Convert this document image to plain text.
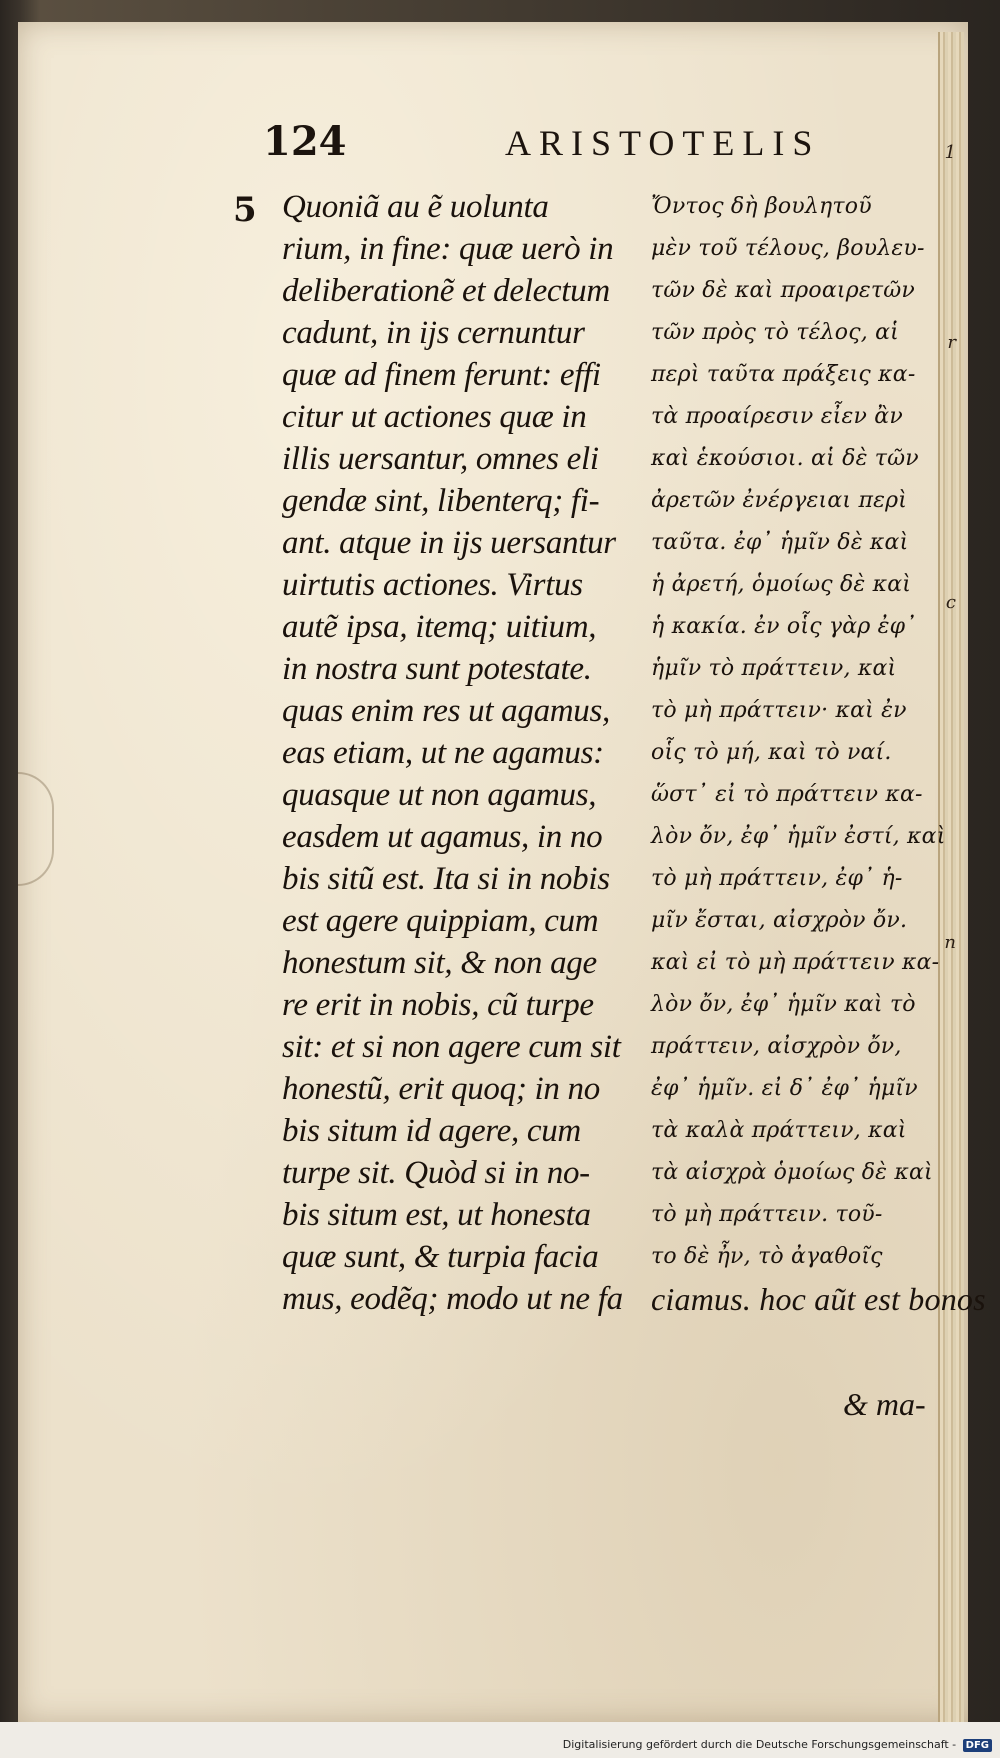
1
r
c
n
124	ARISTOTELIS
5 Quoniã au ẽ uolunta
rium, in fine: quæ uerò in
deliberationẽ et delectum
cadunt, in ijs cernuntur
quæ ad finem ferunt: effi
citur ut actiones quæ in
illis uersantur, omnes eli
gendæ sint, libenterq; fi-
ant. atque in ijs uersantur
uirtutis actiones. Virtus
autẽ ipsa, itemq; uitium,
in nostra sunt potestate.
quas enim res ut agamus,
eas etiam, ut ne agamus:
quasque ut non agamus,
easdem ut agamus, in no
bis sitũ est. Ita si in nobis
est agere quippiam, cum
honestum sit, & non age
re erit in nobis, cũ turpe
sit: et si non agere cum sit
honestũ, erit quoq; in no
bis situm id agere, cum
turpe sit. Quòd si in no-
bis situm est, ut honesta
quæ sunt, & turpia facia
mus, eodẽq; modo ut ne fa
Ὄντος δὴ βουλητοῦ
μὲν τοῦ τέλους, βουλευ-
τῶν δὲ καὶ προαιρετῶν
τῶν πρὸς τὸ τέλος, αἱ
περὶ ταῦτα πράξεις κα-
τὰ προαίρεσιν εἶεν ἂν
καὶ ἑκούσιοι. αἱ δὲ τῶν
ἀρετῶν ἐνέργειαι περὶ
ταῦτα. ἐφ᾽ ἡμῖν δὲ καὶ
ἡ ἀρετή, ὁμοίως δὲ καὶ
ἡ κακία. ἐν οἷς γὰρ ἐφ᾽
ἡμῖν τὸ πράττειν, καὶ
τὸ μὴ πράττειν· καὶ ἐν
οἷς τὸ μή, καὶ τὸ ναί.
ὥστ᾽ εἰ τὸ πράττειν κα-
λὸν ὄν, ἐφ᾽ ἡμῖν ἐστί, καὶ
τὸ μὴ πράττειν, ἐφ᾽ ἡ-
μῖν ἔσται, αἰσχρὸν ὄν.
καὶ εἰ τὸ μὴ πράττειν κα-
λὸν ὄν, ἐφ᾽ ἡμῖν καὶ τὸ
πράττειν, αἰσχρὸν ὄν,
ἐφ᾽ ἡμῖν. εἰ δ᾽ ἐφ᾽ ἡμῖν
τὰ καλὰ πράττειν, καὶ
τὰ αἰσχρὰ ὁμοίως δὲ καὶ
τὸ μὴ πράττειν. τοῦ-
το δὲ ἦν, τὸ ἀγαθοῖς
ciamus. hoc aũt est bonos
& ma-
Digitalisierung gefördert durch die Deutsche Forschungsgemeinschaft - DFG
